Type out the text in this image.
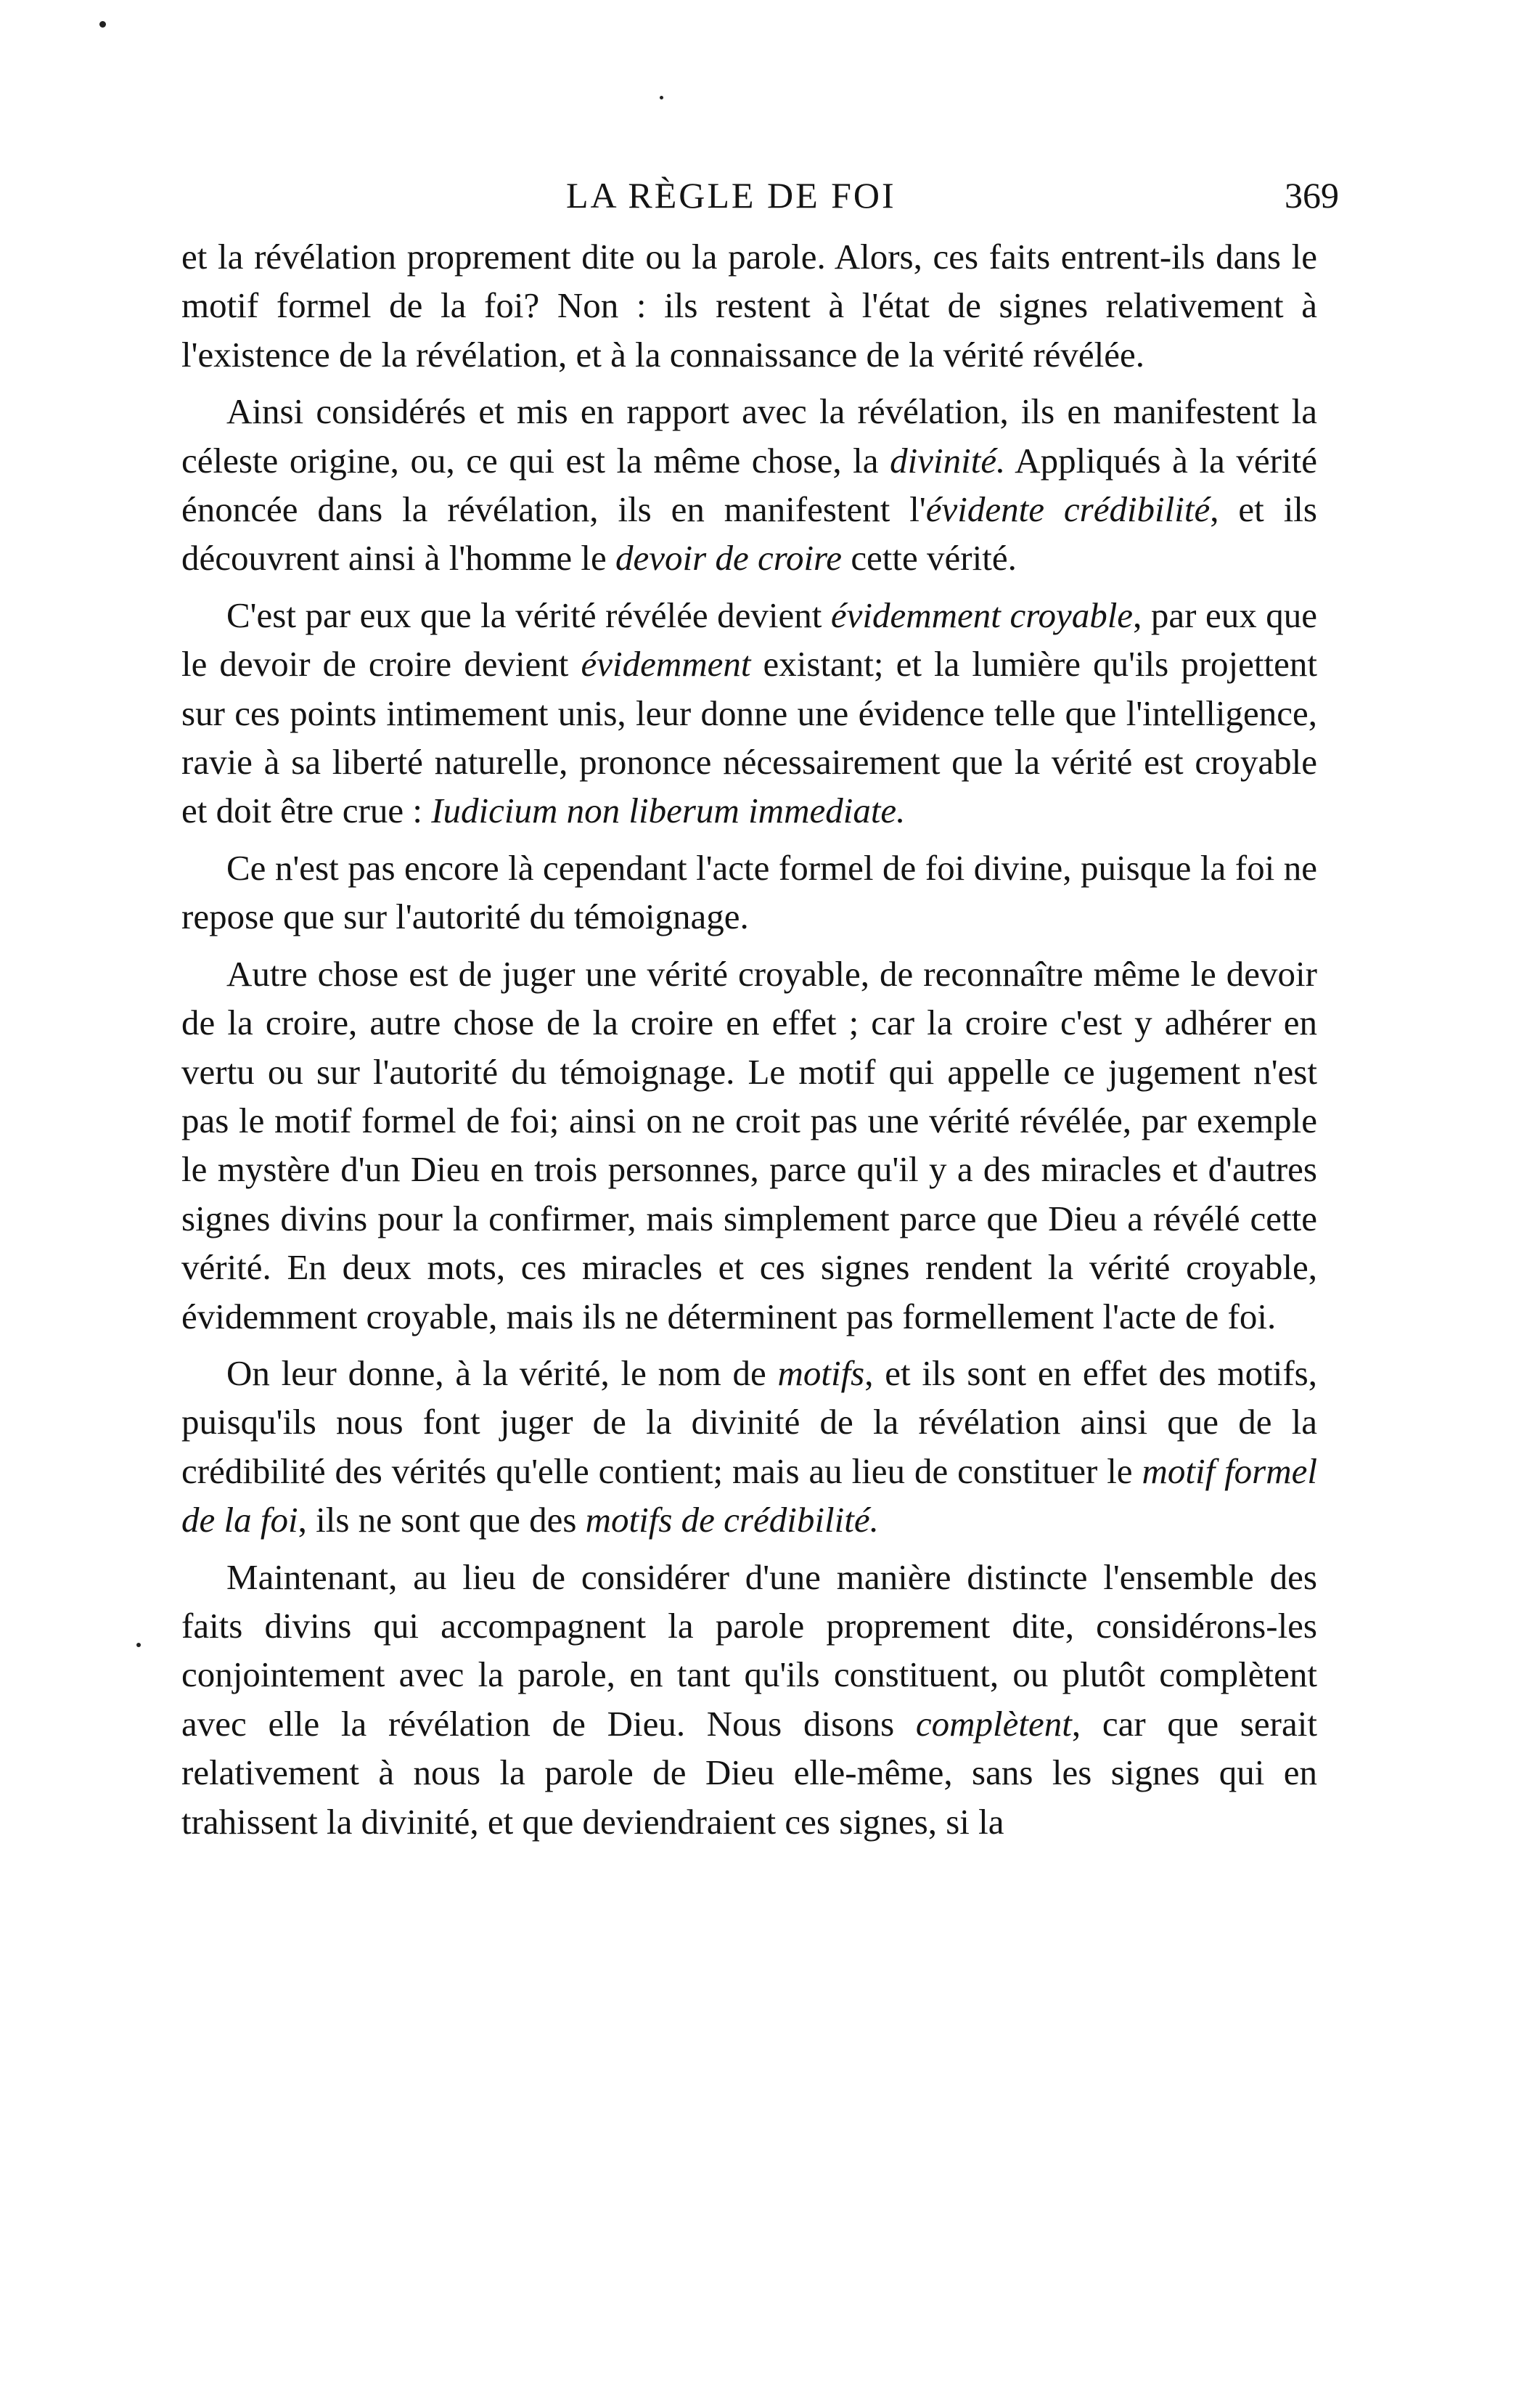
LA RÈGLE DE FOI	369

et la révélation proprement dite ou la parole. Alors, ces faits entrent-ils dans le motif formel de la foi? Non : ils restent à l'état de signes relativement à l'existence de la révélation, et à la connaissance de la vérité révélée.

Ainsi considérés et mis en rapport avec la révélation, ils en manifestent la céleste origine, ou, ce qui est la même chose, la divinité. Appliqués à la vérité énoncée dans la révélation, ils en manifestent l'évidente crédibilité, et ils découvrent ainsi à l'homme le devoir de croire cette vérité.

C'est par eux que la vérité révélée devient évidemment croyable, par eux que le devoir de croire devient évidemment existant; et la lumière qu'ils projettent sur ces points intimement unis, leur donne une évidence telle que l'intelligence, ravie à sa liberté naturelle, prononce nécessairement que la vérité est croyable et doit être crue : Iudicium non liberum immediate.

Ce n'est pas encore là cependant l'acte formel de foi divine, puisque la foi ne repose que sur l'autorité du témoignage.

Autre chose est de juger une vérité croyable, de reconnaître même le devoir de la croire, autre chose de la croire en effet ; car la croire c'est y adhérer en vertu ou sur l'autorité du témoignage. Le motif qui appelle ce jugement n'est pas le motif formel de foi; ainsi on ne croit pas une vérité révélée, par exemple le mystère d'un Dieu en trois personnes, parce qu'il y a des miracles et d'autres signes divins pour la confirmer, mais simplement parce que Dieu a révélé cette vérité. En deux mots, ces miracles et ces signes rendent la vérité croyable, évidemment croyable, mais ils ne déterminent pas formellement l'acte de foi.

On leur donne, à la vérité, le nom de motifs, et ils sont en effet des motifs, puisqu'ils nous font juger de la divinité de la révélation ainsi que de la crédibilité des vérités qu'elle contient; mais au lieu de constituer le motif formel de la foi, ils ne sont que des motifs de crédibilité.

Maintenant, au lieu de considérer d'une manière distincte l'ensemble des faits divins qui accompagnent la parole proprement dite, considérons-les conjointement avec la parole, en tant qu'ils constituent, ou plutôt complètent avec elle la révélation de Dieu. Nous disons complètent, car que serait relativement à nous la parole de Dieu elle-même, sans les signes qui en trahissent la divinité, et que deviendraient ces signes, si la
